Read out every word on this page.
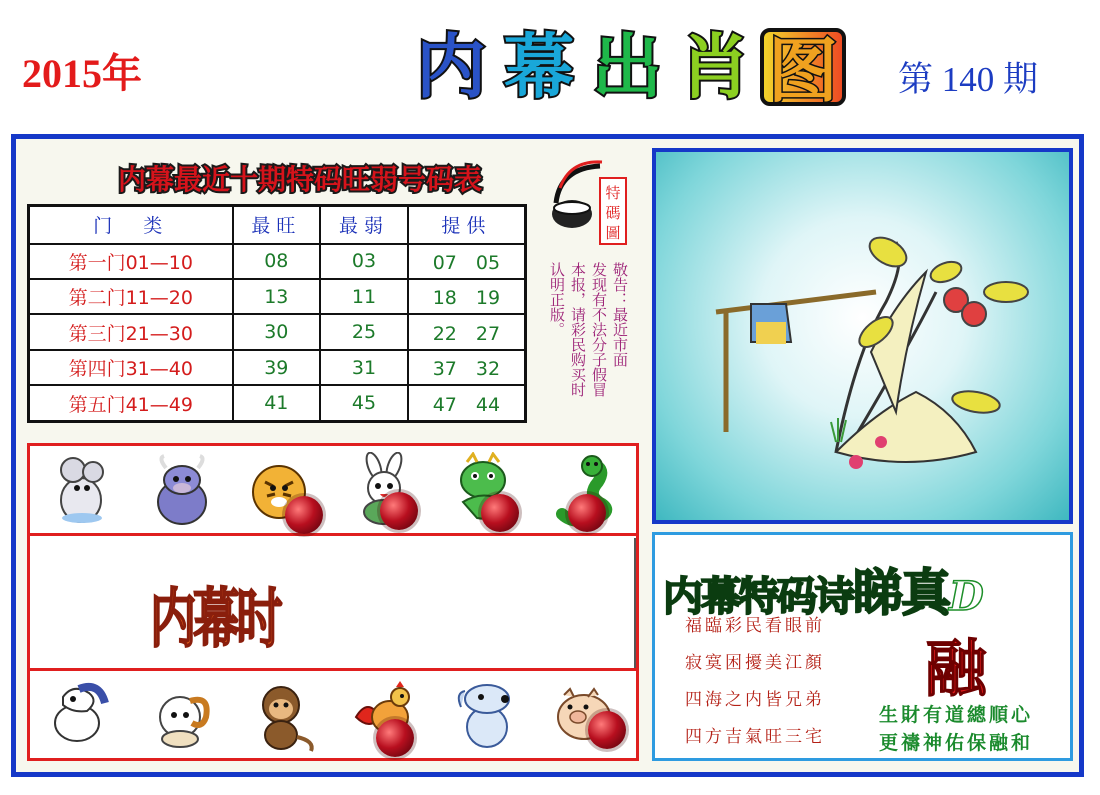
2015年	内 幕 出 肖 图 第 140 期
内幕最近十期特码旺弱号码表
门　类	最旺	最弱	提供
第一门01—10	08	03	07　05
第二门11—20	13	11	18　19
第三门21—30	30	25	22　27
第四门31—40	39	31	37　32
第五门41—49	41	45	47　44
特
碼
圖
敬告：最近市面
发现有不法分子假冒
本报，请彩民购买时
认明正版。
内幕时	内幕特码诗睇真D
福臨彩民看眼前
寂寞困擾美江顏
四海之内皆兄弟
四方吉氣旺三宅
融
生財有道總順心
更禱神佑保融和
